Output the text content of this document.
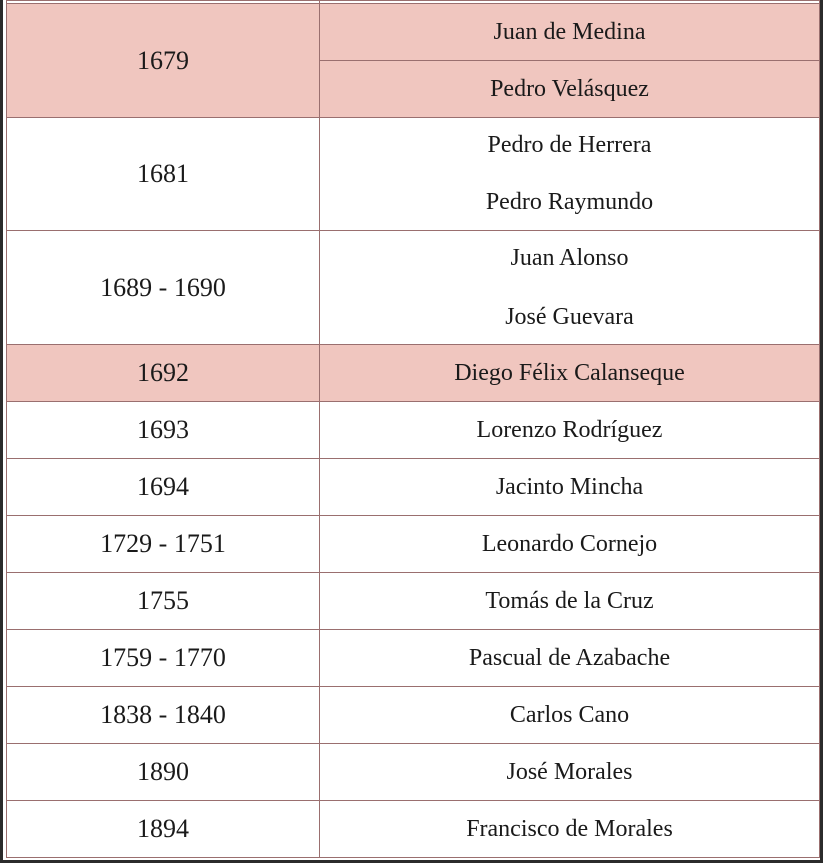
1679	Juan de Medina

	Pedro Velásquez

1681	Pedro de Herrera
Pedro Raymundo

1689 - 1690	Juan Alonso
José Guevara

1692	Diego Félix Calanseque

1693	Lorenzo Rodríguez

1694	Jacinto Mincha

1729 - 1751	Leonardo Cornejo

1755	Tomás de la Cruz

1759 - 1770	Pascual de Azabache

1838 - 1840	Carlos Cano

1890	José Morales

1894	Francisco de Morales
